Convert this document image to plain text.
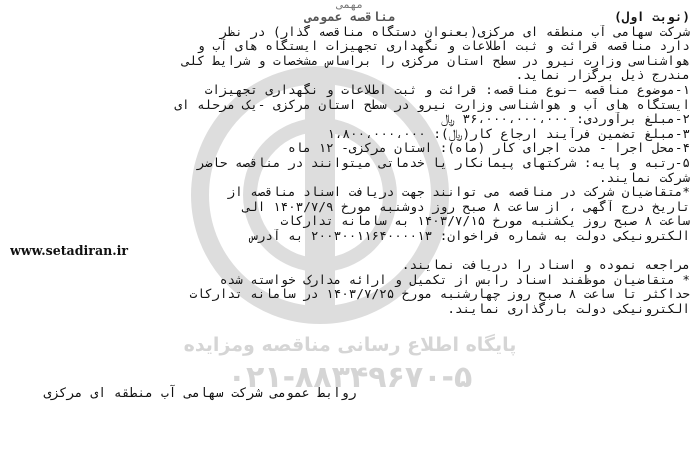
پایگاه اطلاع رسانی مناقصه ومزایده
۰۲۱-۸۸۳۴۹۶۷۰-۵
مهمی
(نوبت اول)
مناقصه عمومی
شرکت سهامی آب منطقه ای مرکزی(بعنوان دستگاه مناقصه گذار) در نظر
دارد مناقصه قرائت و ثبت اطلاعات و نگهداری تجهیزات ایستگاه های آب و
هواشناسی وزارت نیرو در سطح استان مرکزی را براساس مشخصات و شرایط کلی
مندرج ذیل برگزار نماید.
۱-موضوع مناقصه –نوع مناقصه: قرائت و ثبت اطلاعات و نگهداری تجهیزات
ایستگاه های آب و هواشناسی وزارت نیرو در سطح استان مرکزی -یک مرحله ای
۲-مبلغ برآوردی: ۳۶،۰۰۰،۰۰۰،۰۰۰ ﷼
۳-مبلغ تضمین فرآیند ارجاع کار(﷼): ۱،۸۰۰،۰۰۰،۰۰۰
۴-محل اجرا - مدت اجرای کار (ماه): استان مرکزی- ۱۲ ماه
۵-رتبه و پایه: شرکتهای پیمانکار یا خدماتی میتوانند در مناقصه حاضر
شرکت نمایند.
*متقاضیان شرکت در مناقصه می توانند جهت دریافت اسناد مناقصه از
تاریخ درج آگهی ، از ساعت ۸ صبح روز دوشنبه مورخ ۱۴۰۳/۷/۹ الی
ساعت ۸ صبح روز یکشنبه مورخ ۱۴۰۳/۷/۱۵ به سامانه تدارکات
الکترونیکی دولت به شماره فراخوان: ۲۰۰۳۰۰۱۱۶۴۰۰۰۰۱۳ به آدرس
www.setadiran.ir
مراجعه نموده و اسناد را دریافت نمایند.
* متقاضیان موظفند اسناد رابس از تکمیل و ارائه مدارک خواسته شده
حداکثر تا ساعت ۸ صبح روز چهارشنبه مورخ ۱۴۰۳/۷/۲۵ در سامانه تدارکات
الکترونیکی دولت بارگذاری نمایند.
روابط عمومی شرکت سهامی آب منطقه ای مرکزی
